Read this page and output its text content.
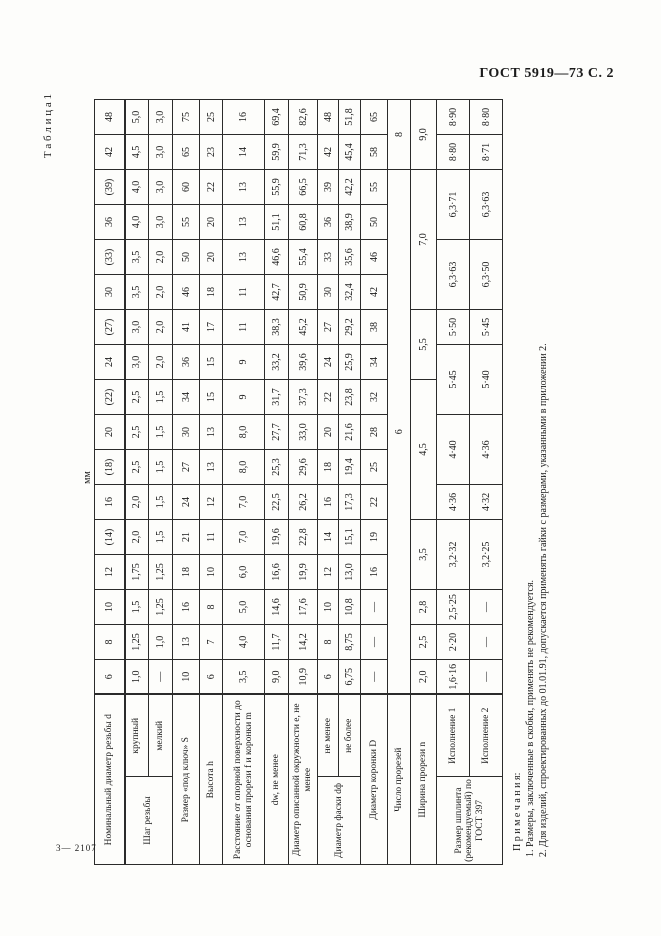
ГОСТ 5919—73 С. 2
Т а б л и ц а 1
мм
Номинальный диаметр резьбы d		6	8	10	12	(14)	16	(18)	20	(22)	24	(27)	30	(33)	36	(39)	42	48
Шаг резьбы	крупный	1,0	1,25	1,5	1,75	2,0	2,0	2,5	2,5	2,5	3,0	3,0	3,5	3,5	4,0	4,0	4,5	5,0
	мелкий	—	1,0	1,25	1,25	1,5	1,5	1,5	1,5	1,5	2,0	2,0	2,0	2,0	3,0	3,0	3,0	3,0
Размер «под ключ» S		10	13	16	18	21	24	27	30	34	36	41	46	50	55	60	65	75
Высота h		6	7	8	10	11	12	13	13	15	15	17	18	20	20	22	23	25
Расстояние от опорной поверхности до основания прорези f и коронки m		3,5	4,0	5,0	6,0	7,0	7,0	8,0	8,0	9	9	11	11	13	13	13	14	16
dw, не менее		9,0	11,7	14,6	16,6	19,6	22,5	25,3	27,7	31,7	33,2	38,3	42,7	46,6	51,1	55,9	59,9	69,4
Диаметр описанной окружности e, не менее		10,9	14,2	17,6	19,9	22,8	26,2	29,6	33,0	37,3	39,6	45,2	50,9	55,4	60,8	66,5	71,3	82,6
Диаметр фаски dф	не менее	6	8	10	12	14	16	18	20	22	24	27	30	33	36	39	42	48
	не более	6,75	8,75	10,8	13,0	15,1	17,3	19,4	21,6	23,8	25,9	29,2	32,4	35,6	38,9	42,2	45,4	51,8
Диаметр коронки D		—	—	—	16	19	22	25	28	32	34	38	42	46	50	55	58	65
Число прорезей		6															8	
Ширина прорези n		2,0	2,5	2,8	3,5		4,5				5,5		7,0				9,0	
Размер шплинта (рекомендуемый) по ГОСТ 397	Исполнение 1	1,6·16	2·20	2,5·25	3,2·32		4·36	4·40		5·45		5·50	6,3·63		6,3·71		8·80	8·90
	Исполнение 2	—	—	—	3,2·25		4·32	4·36		5·40		5·45	6,3·50		6,3·63		8·71	8·80
П р и м е ч а н и я: 1. Размеры, заключенные в скобки, применять не рекомендуется. 2. Для изделий, спроектированных до 01.01.91, допускается применять гайки с размерами, указанными в приложении 2.
3— 2107
